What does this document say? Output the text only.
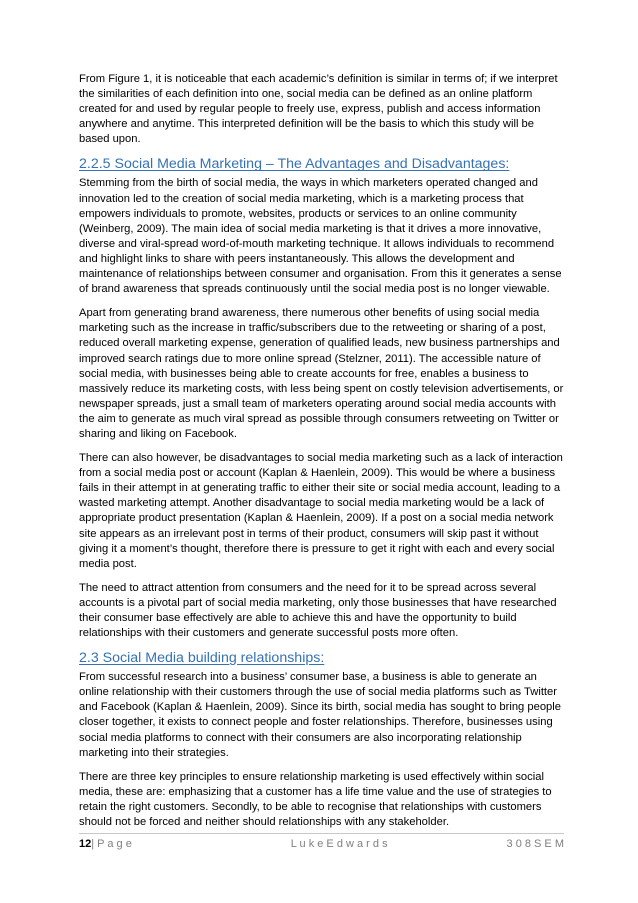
From Figure 1, it is noticeable that each academic’s definition is similar in terms of; if we interpret the similarities of each definition into one, social media can be defined as an online platform created for and used by regular people to freely use, express, publish and access information anywhere and anytime. This interpreted definition will be the basis to which this study will be based upon.

2.2.5 Social Media Marketing – The Advantages and Disadvantages:

Stemming from the birth of social media, the ways in which marketers operated changed and innovation led to the creation of social media marketing, which is a marketing process that empowers individuals to promote, websites, products or services to an online community (Weinberg, 2009). The main idea of social media marketing is that it drives a more innovative, diverse and viral-spread word-of-mouth marketing technique. It allows individuals to recommend and highlight links to share with peers instantaneously. This allows the development and maintenance of relationships between consumer and organisation. From this it generates a sense of brand awareness that spreads continuously until the social media post is no longer viewable.

Apart from generating brand awareness, there numerous other benefits of using social media marketing such as the increase in traffic/subscribers due to the retweeting or sharing of a post, reduced overall marketing expense, generation of qualified leads, new business partnerships and improved search ratings due to more online spread (Stelzner, 2011). The accessible nature of social media, with businesses being able to create accounts for free, enables a business to massively reduce its marketing costs, with less being spent on costly television advertisements, or newspaper spreads, just a small team of marketers operating around social media accounts with the aim to generate as much viral spread as possible through consumers retweeting on Twitter or sharing and liking on Facebook.

There can also however, be disadvantages to social media marketing such as a lack of interaction from a social media post or account (Kaplan & Haenlein, 2009). This would be where a business fails in their attempt in at generating traffic to either their site or social media account, leading to a wasted marketing attempt. Another disadvantage to social media marketing would be a lack of appropriate product presentation (Kaplan & Haenlein, 2009). If a post on a social media network site appears as an irrelevant post in terms of their product, consumers will skip past it without giving it a moment’s thought, therefore there is pressure to get it right with each and every social media post.

The need to attract attention from consumers and the need for it to be spread across several accounts is a pivotal part of social media marketing, only those businesses that have researched their consumer base effectively are able to achieve this and have the opportunity to build relationships with their customers and generate successful posts more often.

2.3 Social Media building relationships:

From successful research into a business’ consumer base, a business is able to generate an online relationship with their customers through the use of social media platforms such as Twitter and Facebook (Kaplan & Haenlein, 2009). Since its birth, social media has sought to bring people closer together, it exists to connect people and foster relationships. Therefore, businesses using social media platforms to connect with their consumers are also incorporating relationship marketing into their strategies.

There are three key principles to ensure relationship marketing is used effectively within social media, these are: emphasizing that a customer has a life time value and the use of strategies to retain the right customers. Secondly, to be able to recognise that relationships with customers should not be forced and neither should relationships with any stakeholder.

12| P a g e	L u k e E d w a r d s	3 0 8 S E M
